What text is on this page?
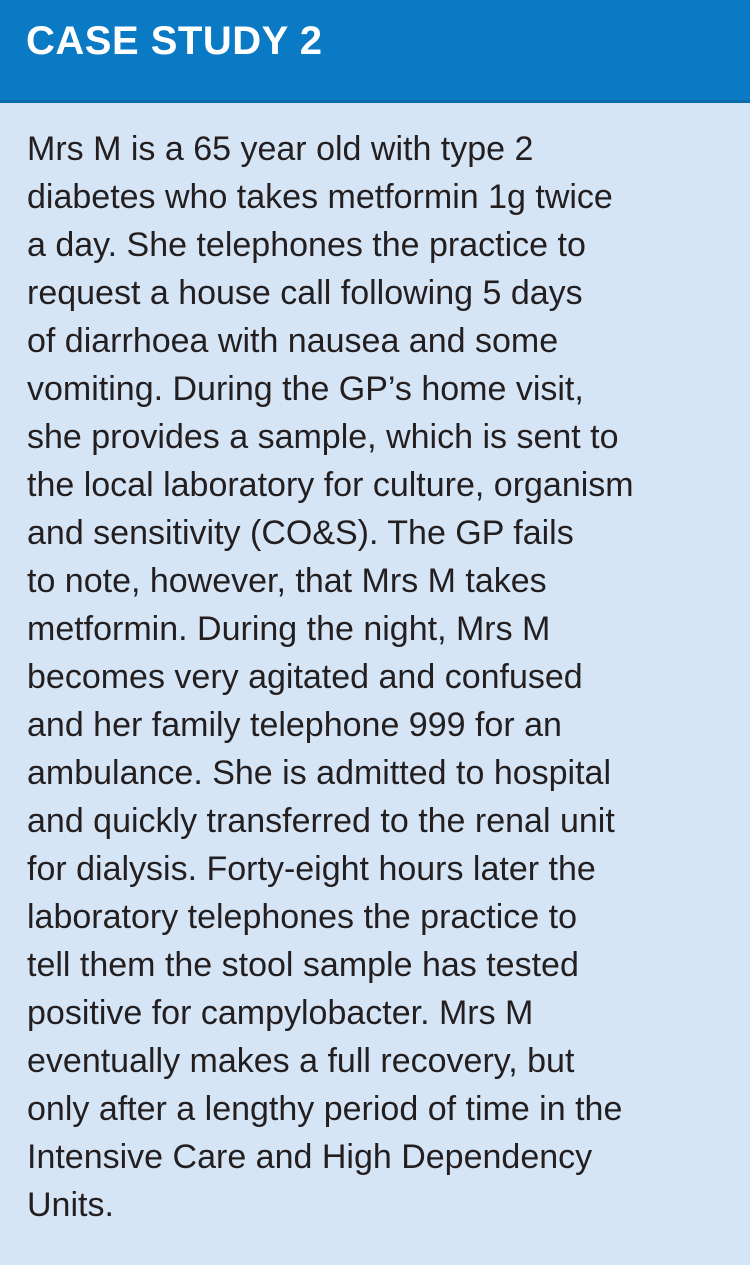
CASE STUDY 2

Mrs M is a 65 year old with type 2
diabetes who takes metformin 1g twice
a day. She telephones the practice to
request a house call following 5 days
of diarrhoea with nausea and some
vomiting. During the GP’s home visit,
she provides a sample, which is sent to
the local laboratory for culture, organism
and sensitivity (CO&S). The GP fails
to note, however, that Mrs M takes
metformin. During the night, Mrs M
becomes very agitated and confused
and her family telephone 999 for an
ambulance. She is admitted to hospital
and quickly transferred to the renal unit
for dialysis. Forty-eight hours later the
laboratory telephones the practice to
tell them the stool sample has tested
positive for campylobacter. Mrs M
eventually makes a full recovery, but
only after a lengthy period of time in the
Intensive Care and High Dependency
Units.
